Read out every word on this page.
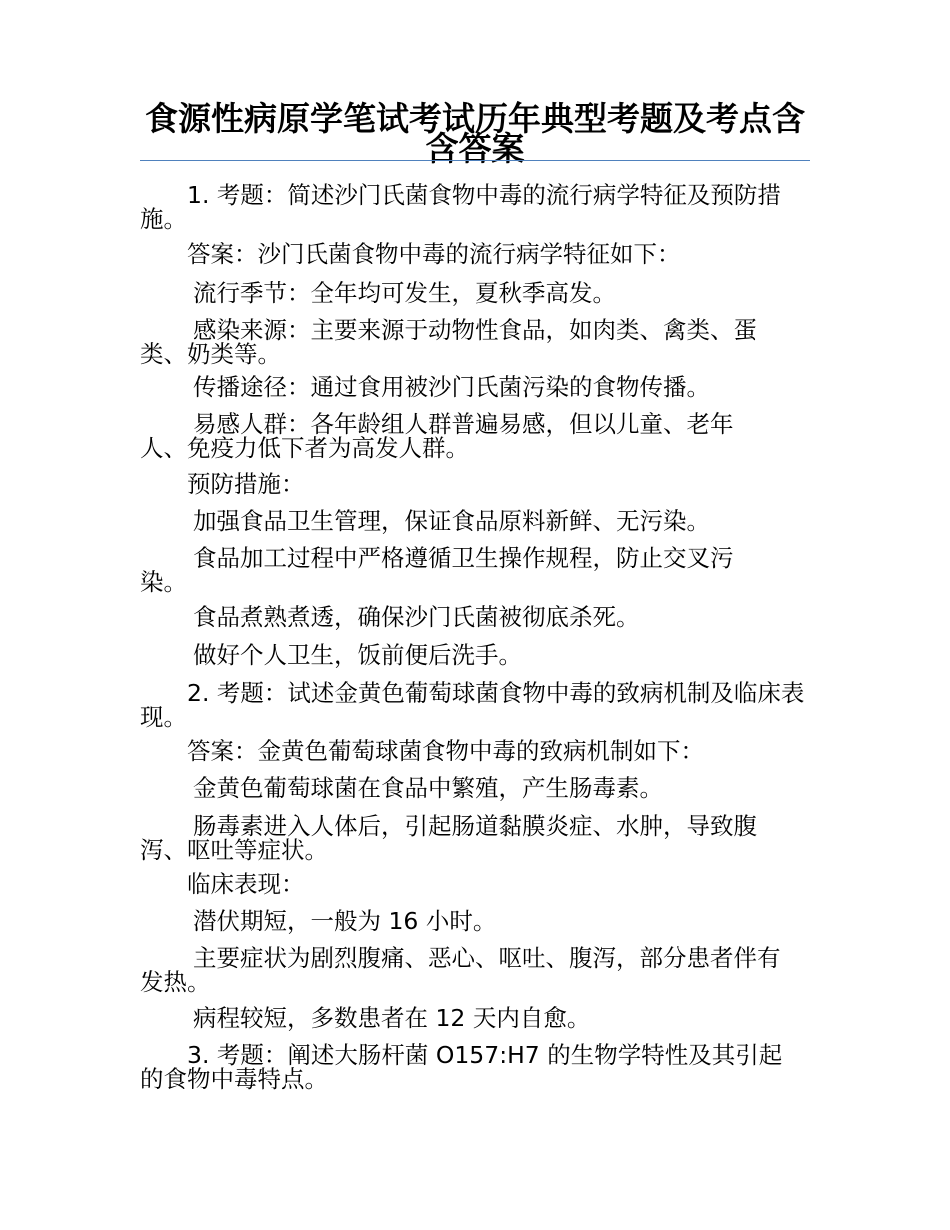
食源性病原学笔试考试历年典型考题及考点含含答案
1. 考题：简述沙门氏菌食物中毒的流行病学特征及预防措施。
答案：沙门氏菌食物中毒的流行病学特征如下：
流行季节：全年均可发生，夏秋季高发。
感染来源：主要来源于动物性食品，如肉类、禽类、蛋类、奶类等。
传播途径：通过食用被沙门氏菌污染的食物传播。
易感人群：各年龄组人群普遍易感，但以儿童、老年人、免疫力低下者为高发人群。
预防措施：
加强食品卫生管理，保证食品原料新鲜、无污染。
食品加工过程中严格遵循卫生操作规程，防止交叉污染。
食品煮熟煮透，确保沙门氏菌被彻底杀死。
做好个人卫生，饭前便后洗手。
2. 考题：试述金黄色葡萄球菌食物中毒的致病机制及临床表现。
答案：金黄色葡萄球菌食物中毒的致病机制如下：
金黄色葡萄球菌在食品中繁殖，产生肠毒素。
肠毒素进入人体后，引起肠道黏膜炎症、水肿，导致腹泻、呕吐等症状。
临床表现：
潜伏期短，一般为 16 小时。
主要症状为剧烈腹痛、恶心、呕吐、腹泻，部分患者伴有发热。
病程较短，多数患者在 12 天内自愈。
3. 考题：阐述大肠杆菌 O157:H7 的生物学特性及其引起的食物中毒特点。
